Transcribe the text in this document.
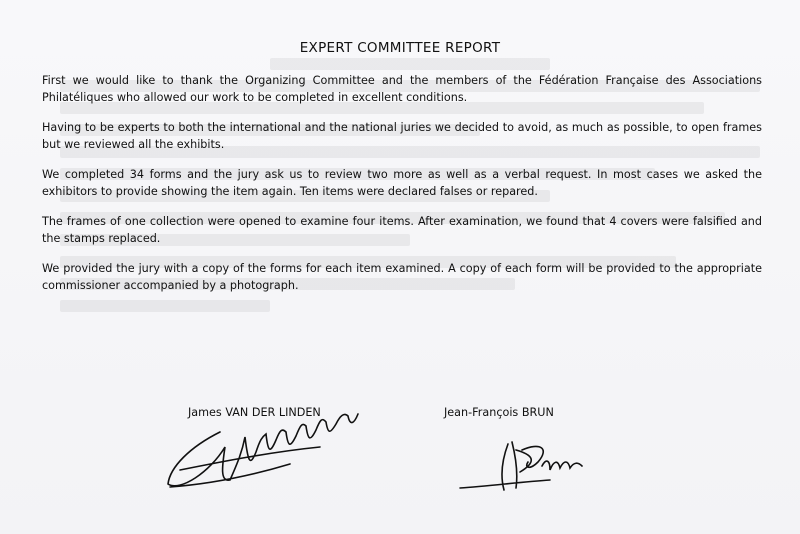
EXPERT COMMITTEE REPORT

First we would like to thank the Organizing Committee and the members of the Fédération Française des Associations Philatéliques who allowed our work to be completed in excellent conditions.

Having to be experts to both the international and the national juries we decided to avoid, as much as possible, to open frames but we reviewed all the exhibits.

We completed 34 forms and the jury ask us to review two more as well as a verbal request. In most cases we asked the exhibitors to provide showing the item again. Ten items were declared falses or repared.

The frames of one collection were opened to examine four items. After examination, we found that 4 covers were falsified and the stamps replaced.

We provided the jury with a copy of the forms for each item examined. A copy of each form will be provided to the appropriate commissioner accompanied by a photograph.

James VAN DER LINDEN	Jean-François BRUN
